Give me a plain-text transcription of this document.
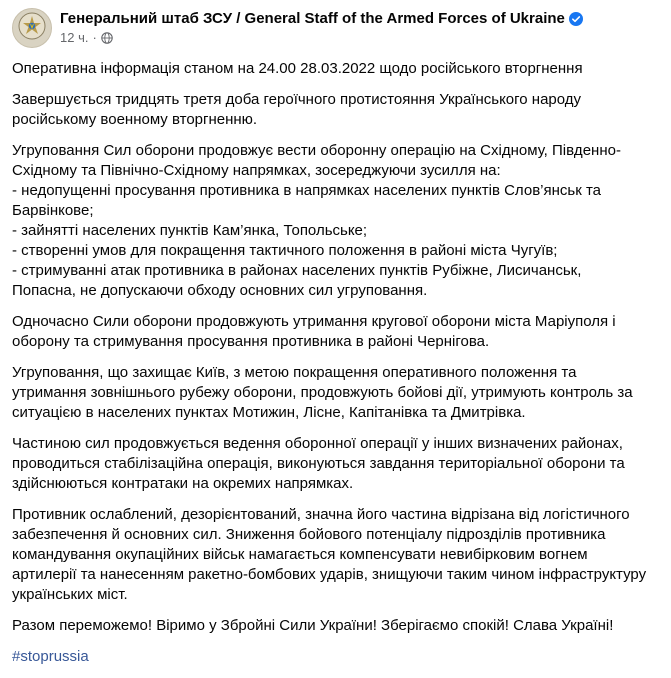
Генеральний штаб ЗСУ / General Staff of the Armed Forces of Ukraine
12 ч. ·

Оперативна інформація станом на 24.00 28.03.2022 щодо російського вторгнення

Завершується тридцять третя доба героїчного протистояння Українського народу російському военному вторгненню.

Угруповання Сил оборони продовжує вести оборонну операцію на Східному, Південно-Східному та Північно-Східному напрямках, зосереджуючи зусилля на:
- недопущенні просування противника в напрямках населених пунктів Слов’янськ та Барвінкове;
- зайнятті населених пунктів Кам’янка, Топольське;
- створенні умов для покращення тактичного положення в районі міста Чугуїв;
- стримуванні атак противника в районах населених пунктів Рубіжне, Лисичанськ, Попасна, не допускаючи обходу основних сил угруповання.

Одночасно Сили оборони продовжують утримання кругової оборони міста Маріуполя і оборону та стримування просування противника в районі Чернігова.

Угруповання, що захищає Київ, з метою покращення оперативного положення та утримання зовнішнього рубежу оборони, продовжують бойові дії, утримують контроль за ситуацією в населених пунктах Мотижин, Лісне, Капітанівка та Дмитрівка.

Частиною сил продовжується ведення оборонної операції у інших визначених районах, проводиться стабілізаційна операція, виконуються завдання територіальної оборони та здійснюються контратаки на окремих напрямках.

Противник ослаблений, дезорієнтований, значна його частина відрізана від логістичного забезпечення й основних сил. Зниження бойового потенціалу підрозділів противника командування окупаційних військ намагається компенсувати невибірковим вогнем артилерії та нанесенням ракетно-бомбових ударів, знищуючи таким чином інфраструктуру українських міст.

Разом переможемо! Віримо у Збройні Сили України! Зберігаємо спокій! Слава Україні!

#stoprussia
